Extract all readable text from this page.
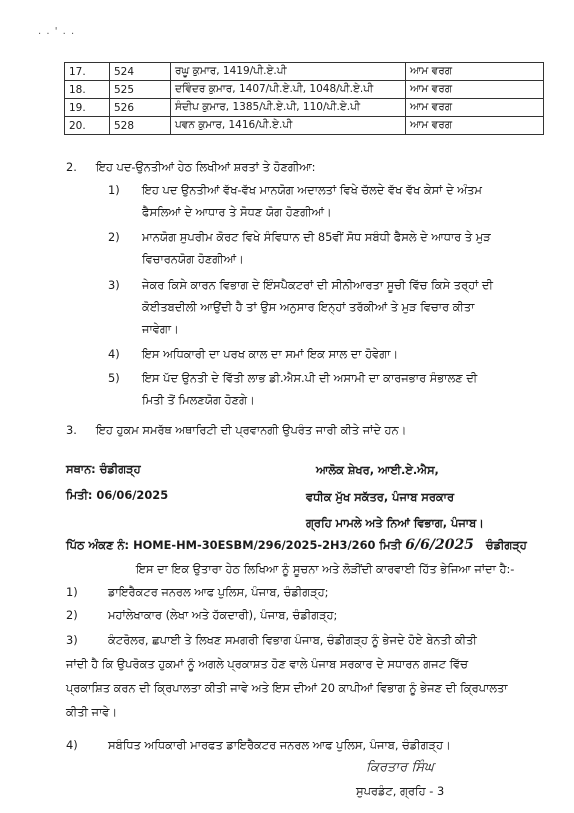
. . ' . .
17.	524	ਰਘੂ ਕੁਮਾਰ, 1419/ਪੀ.ਏ.ਪੀ	ਆਮ ਵਰਗ
18.	525	ਦਵਿੰਦਰ ਕੁਮਾਰ, 1407/ਪੀ.ਏ.ਪੀ, 1048/ਪੀ.ਏ.ਪੀ	ਆਮ ਵਰਗ
19.	526	ਸੰਦੀਪ ਕੁਮਾਰ, 1385/ਪੀ.ਏ.ਪੀ, 110/ਪੀ.ਏ.ਪੀ	ਆਮ ਵਰਗ
20.	528	ਪਵਨ ਕੁਮਾਰ, 1416/ਪੀ.ਏ.ਪੀ	ਆਮ ਵਰਗ
2. ਇਹ ਪਦ-ਉਨਤੀਆਂ ਹੇਠ ਲਿਖੀਆਂ ਸ਼ਰਤਾਂ ਤੇ ਹੋਣਗੀਆ:
1) ਇਹ ਪਦ ਉਨਤੀਆਂ ਵੱਖ-ਵੱਖ ਮਾਨਯੋਗ ਅਦਾਲਤਾਂ ਵਿਖੇ ਚੱਲਦੇ ਵੱਖ ਵੱਖ ਕੇਸਾਂ ਦੇ ਅੰਤਮ
ਫੈਸਲਿਆਂ ਦੇ ਆਧਾਰ ਤੇ ਸੋਧਣ ਯੋਗ ਹੋਣਗੀਆਂ।
2) ਮਾਨਯੋਗ ਸੁਪਰੀਮ ਕੋਰਟ ਵਿਖੇ ਸੰਵਿਧਾਨ ਦੀ 85ਵੀਂ ਸੋਧ ਸਬੰਧੀ ਫੈਸਲੇ ਦੇ ਆਧਾਰ ਤੇ ਮੁੜ
ਵਿਚਾਰਨਯੋਗ ਹੋਣਗੀਆਂ।
3) ਜੇਕਰ ਕਿਸੇ ਕਾਰਨ ਵਿਭਾਗ ਦੇ ਇੰਸਪੈਕਟਰਾਂ ਦੀ ਸੀਨੀਆਰਤਾ ਸੂਚੀ ਵਿੱਚ ਕਿਸੇ ਤਰ੍ਹਾਂ ਦੀ
ਕੋਈਤਬਦੀਲੀ ਆਉਂਦੀ ਹੈ ਤਾਂ ਉਸ ਅਨੁਸਾਰ ਇਨ੍ਹਾਂ ਤਰੱਕੀਆਂ ਤੇ ਮੁੜ ਵਿਚਾਰ ਕੀਤਾ
ਜਾਵੇਗਾ।
4) ਇਸ ਅਧਿਕਾਰੀ ਦਾ ਪਰਖ ਕਾਲ ਦਾ ਸਮਾਂ ਇਕ ਸਾਲ ਦਾ ਹੋਵੇਗਾ।
5) ਇਸ ਪੱਦ ਉਨਤੀ ਦੇ ਵਿੱਤੀ ਲਾਭ ਡੀ.ਐਸ.ਪੀ ਦੀ ਅਸਾਮੀ ਦਾ ਕਾਰਜਭਾਰ ਸੰਭਾਲਣ ਦੀ
ਮਿਤੀ ਤੋਂ ਮਿਲਣਯੋਗ ਹੋਣਗੇ।
3. ਇਹ ਹੁਕਮ ਸਮਰੱਥ ਅਥਾਰਿਟੀ ਦੀ ਪ੍ਰਵਾਨਗੀ ਉਪਰੰਤ ਜਾਰੀ ਕੀਤੇ ਜਾਂਦੇ ਹਨ।
ਸਥਾਨ: ਚੰਡੀਗੜ੍ਹ
ਮਿਤੀ: 06/06/2025
ਆਲੋਕ ਸ਼ੇਖਰ, ਆਈ.ਏ.ਐਸ,
ਵਧੀਕ ਮੁੱਖ ਸਕੱਤਰ, ਪੰਜਾਬ ਸਰਕਾਰ
ਗ੍ਰਹਿ ਮਾਮਲੇ ਅਤੇ ਨਿਆਂ ਵਿਭਾਗ, ਪੰਜਾਬ।
ਪਿੱਠ ਅੰਕਣ ਨੰ: HOME-HM-30ESBM/296/2025-2H3/260 ਮਿਤੀ 6/6/2025 ਚੰਡੀਗੜ੍ਹ
ਇਸ ਦਾ ਇਕ ਉਤਾਰਾ ਹੇਠ ਲਿਖਿਆ ਨੂੰ ਸੂਚਨਾ ਅਤੇ ਲੋੜੀਂਦੀ ਕਾਰਵਾਈ ਹਿੱਤ ਭੇਜਿਆ ਜਾਂਦਾ ਹੈ:-
1)	ਡਾਇਰੈਕਟਰ ਜਨਰਲ ਆਫ ਪੁਲਿਸ, ਪੰਜਾਬ, ਚੰਡੀਗੜ੍ਹ;
2)	ਮਹਾਂਲੇਖਾਕਾਰ (ਲੇਖਾ ਅਤੇ ਹੱਕਦਾਰੀ), ਪੰਜਾਬ, ਚੰਡੀਗੜ੍ਹ;
3)	ਕੰਟਰੋਲਰ, ਛਪਾਈ ਤੇ ਲਿਖਣ ਸਮਗਰੀ ਵਿਭਾਗ ਪੰਜਾਬ, ਚੰਡੀਗੜ੍ਹ ਨੂੰ ਭੇਜਦੇ ਹੋਏ ਬੇਨਤੀ ਕੀਤੀ
ਜਾਂਦੀ ਹੈ ਕਿ ਉਪਰੋਕਤ ਹੁਕਮਾਂ ਨੂੰ ਅਗਲੇ ਪ੍ਰਕਾਸ਼ਤ ਹੋਣ ਵਾਲੇ ਪੰਜਾਬ ਸਰਕਾਰ ਦੇ ਸਧਾਰਨ ਗਜਟ ਵਿੱਚ
ਪ੍ਰਕਾਸ਼ਿਤ ਕਰਨ ਦੀ ਕ੍ਰਿਪਾਲਤਾ ਕੀਤੀ ਜਾਵੇ ਅਤੇ ਇਸ ਦੀਆਂ 20 ਕਾਪੀਆਂ ਵਿਭਾਗ ਨੂੰ ਭੇਜਣ ਦੀ ਕ੍ਰਿਪਾਲਤਾ
ਕੀਤੀ ਜਾਵੇ।
4)	ਸਬੰਧਿਤ ਅਧਿਕਾਰੀ ਮਾਰਫਤ ਡਾਇਰੈਕਟਰ ਜਨਰਲ ਆਫ ਪੁਲਿਸ, ਪੰਜਾਬ, ਚੰਡੀਗੜ੍ਹ।
ਕਿਰਤਾਰ ਸਿੰਘ
ਸੁਪਰਡੰਟ, ਗ੍ਰਹਿ - 3
